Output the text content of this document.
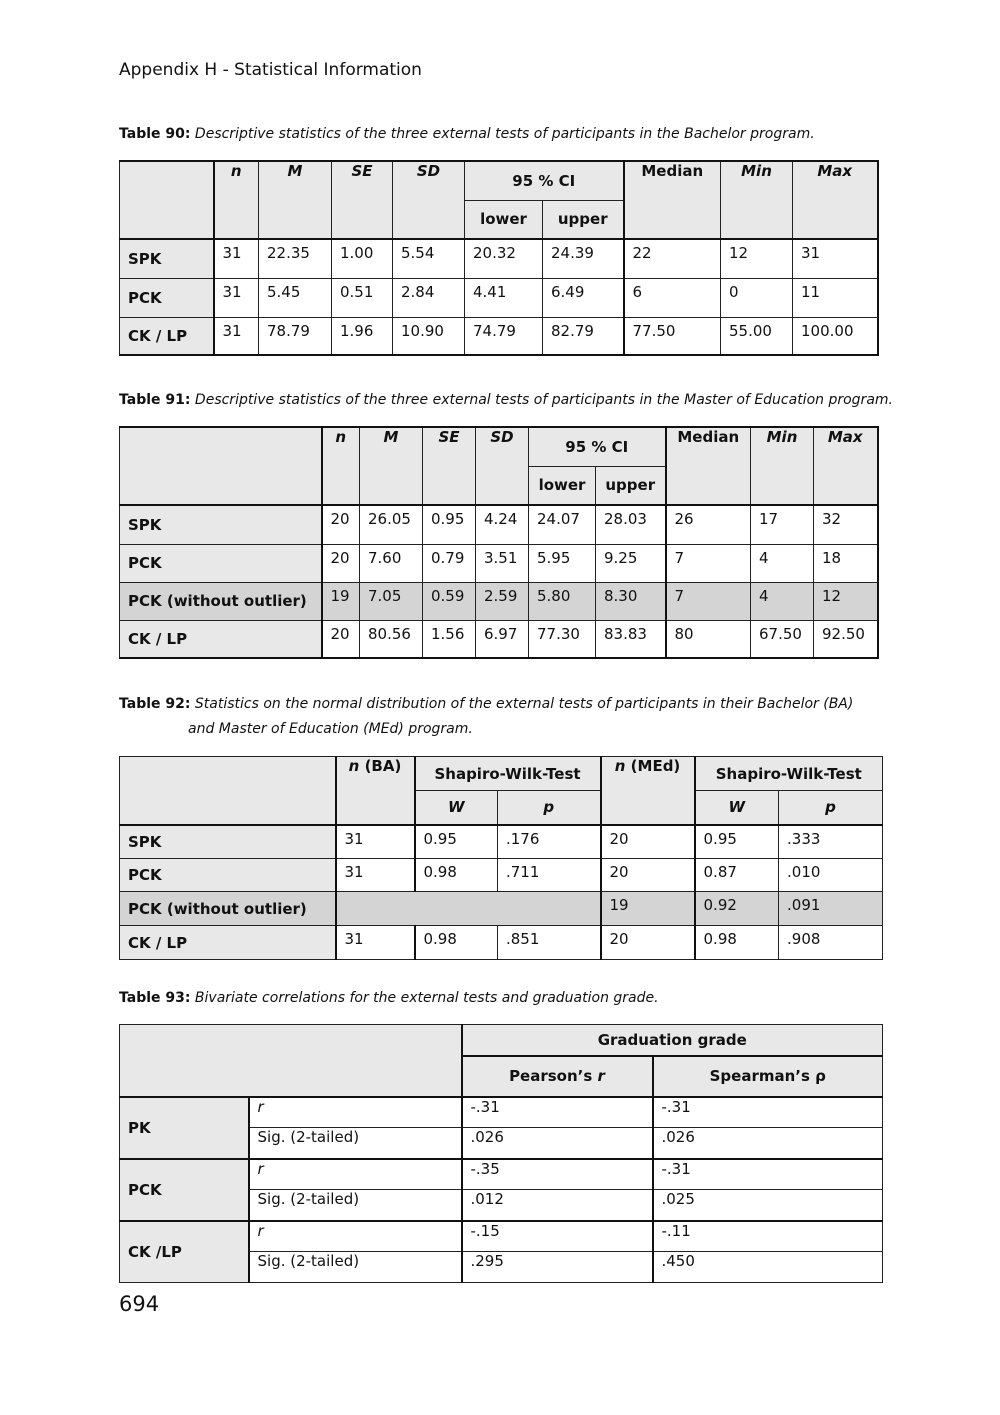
Appendix H - Statistical Information
Table 90: Descriptive statistics of the three external tests of participants in the Bachelor program.
	n	M	SE	SD	95 % CI		Median	Min	Max
					lower	upper			
SPK	31	22.35	1.00	5.54	20.32	24.39	22	12	31
PCK	31	5.45	0.51	2.84	4.41	6.49	6	0	11
CK / LP	31	78.79	1.96	10.90	74.79	82.79	77.50	55.00	100.00
Table 91: Descriptive statistics of the three external tests of participants in the Master of Education program.
	n	M	SE	SD	95 % CI		Median	Min	Max
					lower	upper			
SPK	20	26.05	0.95	4.24	24.07	28.03	26	17	32
PCK	20	7.60	0.79	3.51	5.95	9.25	7	4	18
PCK (without outlier)	19	7.05	0.59	2.59	5.80	8.30	7	4	12
CK / LP	20	80.56	1.56	6.97	77.30	83.83	80	67.50	92.50
Table 92: Statistics on the normal distribution of the external tests of participants in their Bachelor (BA) and Master of Education (MEd) program.
	n (BA)	Shapiro-Wilk-Test		n (MEd)	Shapiro-Wilk-Test	
		W	p		W	p
SPK	31	0.95	.176	20	0.95	.333
PCK	31	0.98	.711	20	0.87	.010
PCK (without outlier)				19	0.92	.091
CK / LP	31	0.98	.851	20	0.98	.908
Table 93: Bivariate correlations for the external tests and graduation grade.
		Graduation grade	
		Pearson’s r	Spearman’s ρ
PK	r	-.31	-.31
	Sig. (2-tailed)	.026	.026
PCK	r	-.35	-.31
	Sig. (2-tailed)	.012	.025
CK /LP	r	-.15	-.11
	Sig. (2-tailed)	.295	.450
694
